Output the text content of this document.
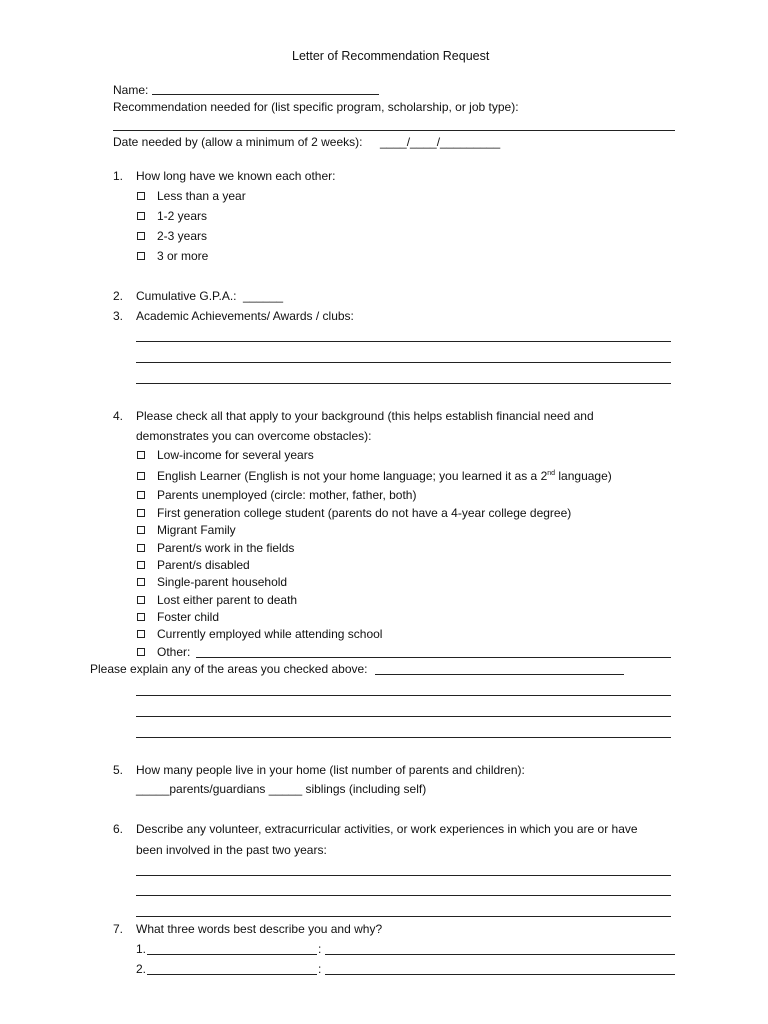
Letter of Recommendation Request
Name:
Recommendation needed for (list specific program, scholarship, or job type):
Date needed by (allow a minimum of 2 weeks): ____/____/_________
1. How long have we known each other:
Less than a year
1-2 years
2-3 years
3 or more
2. Cumulative G.P.A.: ______
3. Academic Achievements/ Awards / clubs:
4. Please check all that apply to your background (this helps establish financial need and
demonstrates you can overcome obstacles):
Low-income for several years
English Learner (English is not your home language; you learned it as a 2nd language)
Parents unemployed (circle: mother, father, both)
First generation college student (parents do not have a 4-year college degree)
Migrant Family
Parent/s work in the fields
Parent/s disabled
Single-parent household
Lost either parent to death
Foster child
Currently employed while attending school
Other:
Please explain any of the areas you checked above:
5. How many people live in your home (list number of parents and children):
_____parents/guardians _____ siblings (including self)
6. Describe any volunteer, extracurricular activities, or work experiences in which you are or have
been involved in the past two years:
7. What three words best describe you and why?
1.	:
2.	:
